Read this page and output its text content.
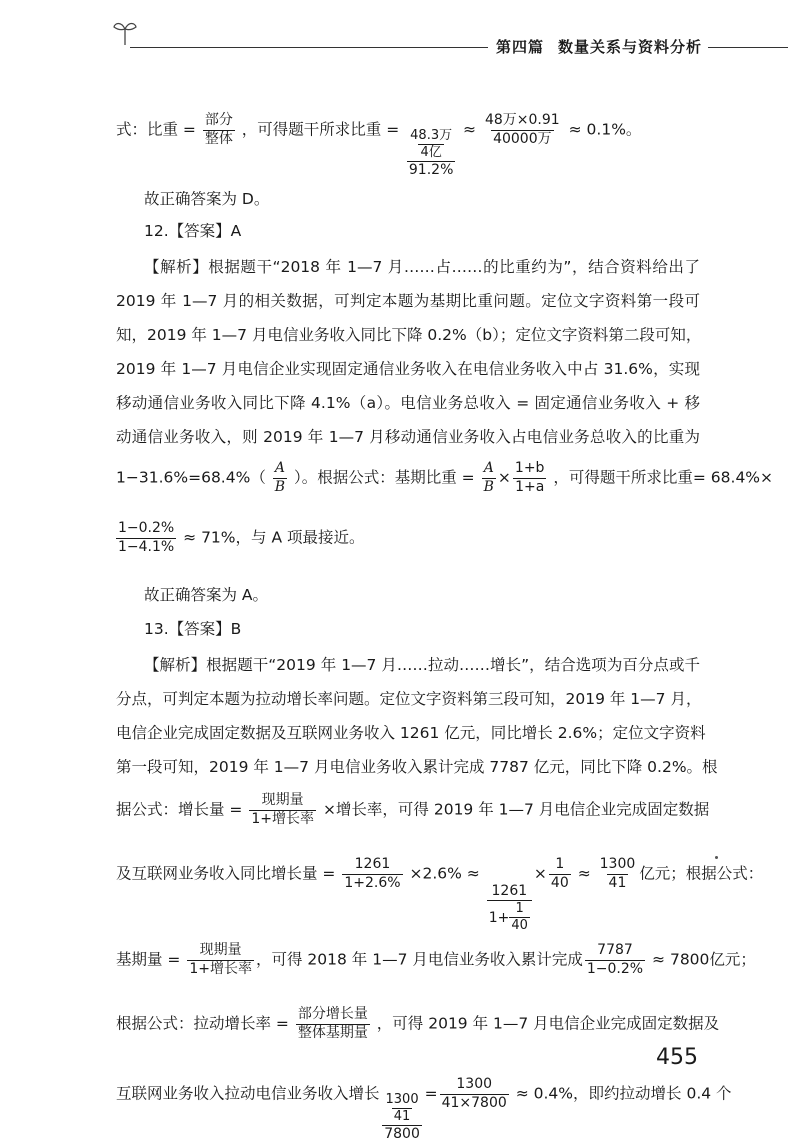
第四篇 数量关系与资料分析
式：比重 = $\frac{\text{部分}}{\text{整体}}$ ，可得题干所求比重 = $\frac{\frac{\text{48.3万}}{\text{4亿}}}{91.2\%} \approx \frac{\text{48万×0.91}}{\text{40000万}} \approx 0.1\%$。
故正确答案为 D。
12.【答案】A
【解析】根据题干“2018 年 1—7 月……占……的比重约为”，结合资料给出了
2019 年 1—7 月的相关数据，可判定本题为基期比重问题。定位文字资料第一段可
知，2019 年 1—7 月电信业务收入同比下降 0.2%（b）；定位文字资料第二段可知，
2019 年 1—7 月电信企业实现固定通信业务收入在电信业务收入中占 31.6%，实现
移动通信业务收入同比下降 4.1%（a）。电信业务总收入 = 固定通信业务收入 + 移
动通信业务收入，则 2019 年 1—7 月移动通信业务收入占电信业务总收入的比重为
$1-31.6\%=68.4\%( \frac{A}{B}$ ）。根据公式：基期比重 = $\frac{A}{B} \times \frac{1+b}{1+a}$ ，可得题干所求比重= 68.4%×
$\frac{1-0.2\%}{1-4.1\%} \approx 71\%$，与 A 项最接近。
故正确答案为 A。
13.【答案】B
【解析】根据题干“2019 年 1—7 月……拉动……增长”，结合选项为百分点或千
分点，可判定本题为拉动增长率问题。定位文字资料第三段可知，2019 年 1—7 月，
电信企业完成固定数据及互联网业务收入 1261 亿元，同比增长 2.6%；定位文字资料
第一段可知，2019 年 1—7 月电信业务收入累计完成 7787 亿元，同比下降 0.2%。根
据公式：增长量 = $\frac{\text{现期量}}{\text{1+增长率}}$ ×增长率，可得 2019 年 1—7 月电信企业完成固定数据
及互联网业务收入同比增长量 = $\frac{1261}{1+2.6\%} \times 2.6\%$ ≈
$\frac{1261}{1+ \frac{1}{40}}$
× $\frac{1}{40} \approx \frac{1300}{41}$ 亿元；根据公式：
基期量 = $\frac{\text{现期量}}{\text{1+增长率}}$ ，可得 2018 年 1—7 月电信业务收入累计完成 $\frac{7787}{1-0.2\%} \approx 7800$亿元；
根据公式：拉动增长率 = $\frac{\text{部分增长量}}{\text{整体基期量}}$ ，可得 2019 年 1—7 月电信企业完成固定数据及
互联网业务收入拉动电信业务收入增长 $\frac{\frac{1300}{41}}{7800} = \frac{1300}{41\times 7800} \approx 0.4\%$，即约拉动增长 0.4 个
455
